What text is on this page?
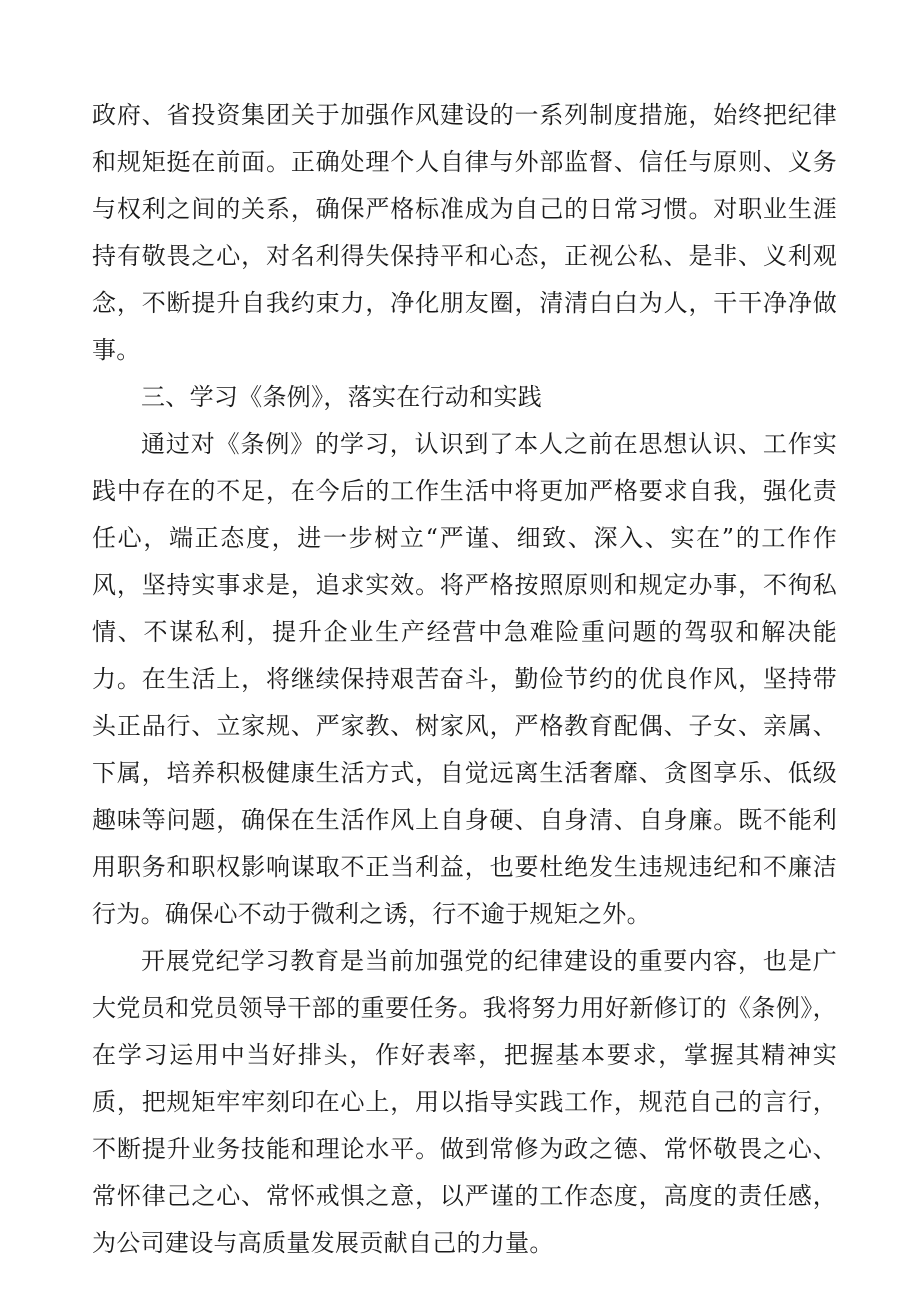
政府、省投资集团关于加强作风建设的一系列制度措施，始终把纪律和规矩挺在前面。正确处理个人自律与外部监督、信任与原则、义务与权利之间的关系，确保严格标准成为自己的日常习惯。对职业生涯持有敬畏之心，对名利得失保持平和心态，正视公私、是非、义利观念，不断提升自我约束力，净化朋友圈，清清白白为人，干干净净做事。

三、学习《条例》，落实在行动和实践

通过对《条例》的学习，认识到了本人之前在思想认识、工作实践中存在的不足，在今后的工作生活中将更加严格要求自我，强化责任心，端正态度，进一步树立“严谨、细致、深入、实在”的工作作风，坚持实事求是，追求实效。将严格按照原则和规定办事，不徇私情、不谋私利，提升企业生产经营中急难险重问题的驾驭和解决能力。在生活上，将继续保持艰苦奋斗，勤俭节约的优良作风，坚持带头正品行、立家规、严家教、树家风，严格教育配偶、子女、亲属、下属，培养积极健康生活方式，自觉远离生活奢靡、贪图享乐、低级趣味等问题，确保在生活作风上自身硬、自身清、自身廉。既不能利用职务和职权影响谋取不正当利益，也要杜绝发生违规违纪和不廉洁行为。确保心不动于微利之诱，行不逾于规矩之外。

开展党纪学习教育是当前加强党的纪律建设的重要内容，也是广大党员和党员领导干部的重要任务。我将努力用好新修订的《条例》，在学习运用中当好排头，作好表率，把握基本要求，掌握其精神实质，把规矩牢牢刻印在心上，用以指导实践工作，规范自己的言行，不断提升业务技能和理论水平。做到常修为政之德、常怀敬畏之心、常怀律己之心、常怀戒惧之意，以严谨的工作态度，高度的责任感，为公司建设与高质量发展贡献自己的力量。
